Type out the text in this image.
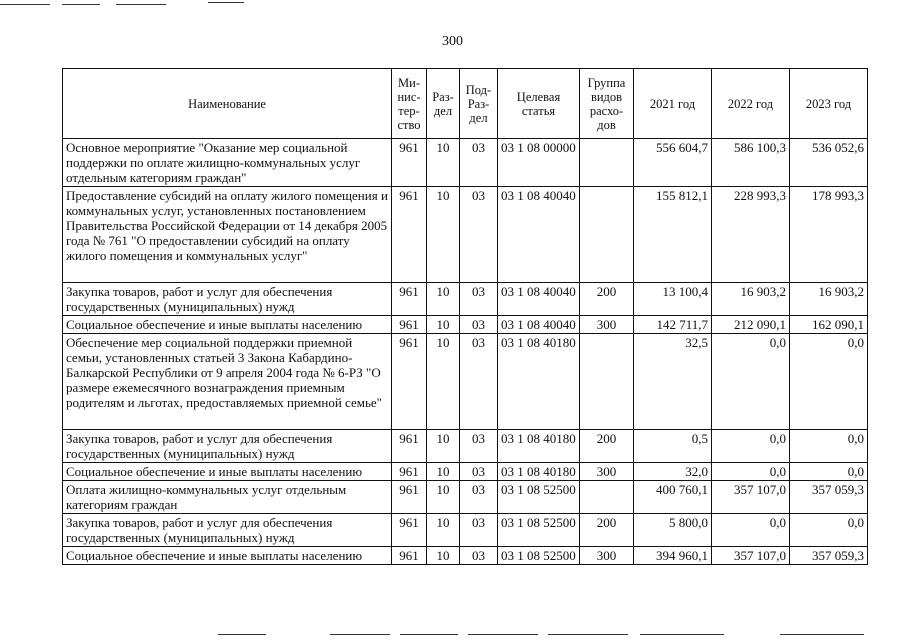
300
Наименование	Ми-нис-тер-ство	Раз-дел	Под-Раз-дел	Целевая статья	Группа видов расхо-дов	2021 год	2022 год	2023 год
Основное мероприятие "Оказание мер социальной поддержки по оплате жилищно-коммунальных услуг отдельным категориям граждан"	961	10	03	03 1 08 00000		556 604,7	586 100,3	536 052,6
Предоставление субсидий на оплату жилого помещения и коммунальных услуг, установленных постановлением Правительства Российской Федерации от 14 декабря 2005 года № 761 "О предоставлении субсидий на оплату жилого помещения и коммунальных услуг"	961	10	03	03 1 08 40040		155 812,1	228 993,3	178 993,3
Закупка товаров, работ и услуг для обеспечения государственных (муниципальных) нужд	961	10	03	03 1 08 40040	200	13 100,4	16 903,2	16 903,2
Социальное обеспечение и иные выплаты населению	961	10	03	03 1 08 40040	300	142 711,7	212 090,1	162 090,1
Обеспечение мер социальной поддержки приемной семьи, установленных статьей 3 Закона Кабардино-Балкарской Республики от 9 апреля 2004 года № 6-РЗ "О размере ежемесячного вознаграждения приемным родителям и льготах, предоставляемых приемной семье"	961	10	03	03 1 08 40180		32,5	0,0	0,0
Закупка товаров, работ и услуг для обеспечения государственных (муниципальных) нужд	961	10	03	03 1 08 40180	200	0,5	0,0	0,0
Социальное обеспечение и иные выплаты населению	961	10	03	03 1 08 40180	300	32,0	0,0	0,0
Оплата жилищно-коммунальных услуг отдельным категориям граждан	961	10	03	03 1 08 52500		400 760,1	357 107,0	357 059,3
Закупка товаров, работ и услуг для обеспечения государственных (муниципальных) нужд	961	10	03	03 1 08 52500	200	5 800,0	0,0	0,0
Социальное обеспечение и иные выплаты населению	961	10	03	03 1 08 52500	300	394 960,1	357 107,0	357 059,3
